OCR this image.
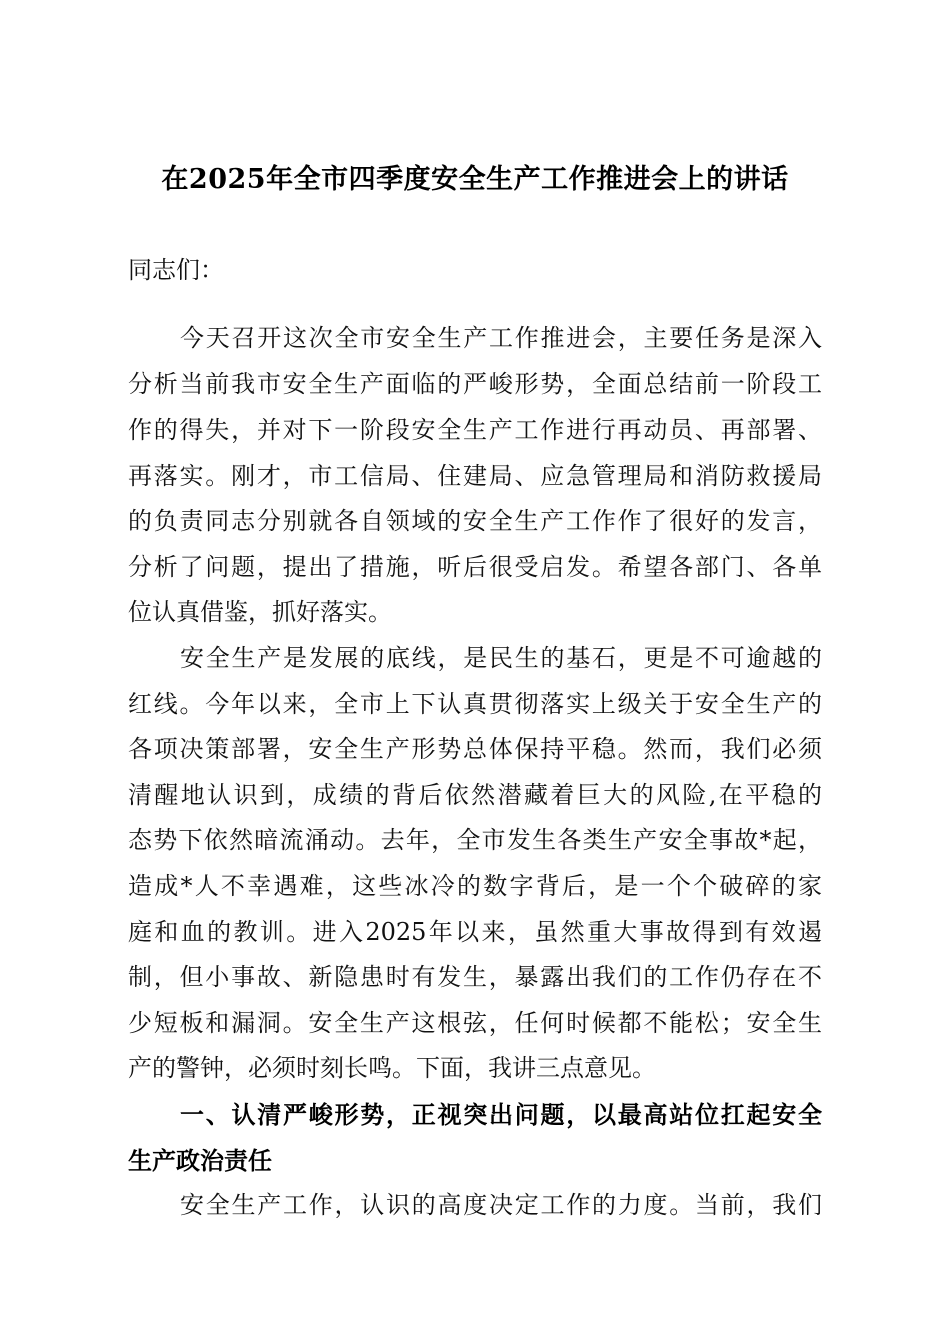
在2025年全市四季度安全生产工作推进会上的讲话
同志们：
今天召开这次全市安全生产工作推进会，主要任务是深入
分析当前我市安全生产面临的严峻形势，全面总结前一阶段工
作的得失，并对下一阶段安全生产工作进行再动员、再部署、
再落实。刚才，市工信局、住建局、应急管理局和消防救援局
的负责同志分别就各自领域的安全生产工作作了很好的发言，
分析了问题，提出了措施，听后很受启发。希望各部门、各单
位认真借鉴，抓好落实。
安全生产是发展的底线，是民生的基石，更是不可逾越的
红线。今年以来，全市上下认真贯彻落实上级关于安全生产的
各项决策部署，安全生产形势总体保持平稳。然而，我们必须
清醒地认识到，成绩的背后依然潜藏着巨大的风险,在平稳的
态势下依然暗流涌动。去年，全市发生各类生产安全事故*起，
造成*人不幸遇难，这些冰冷的数字背后，是一个个破碎的家
庭和血的教训。进入2025年以来，虽然重大事故得到有效遏
制，但小事故、新隐患时有发生，暴露出我们的工作仍存在不
少短板和漏洞。安全生产这根弦，任何时候都不能松；安全生
产的警钟，必须时刻长鸣。下面，我讲三点意见。
一、认清严峻形势，正视突出问题，以最高站位扛起安全
生产政治责任
安全生产工作，认识的高度决定工作的力度。当前，我们
